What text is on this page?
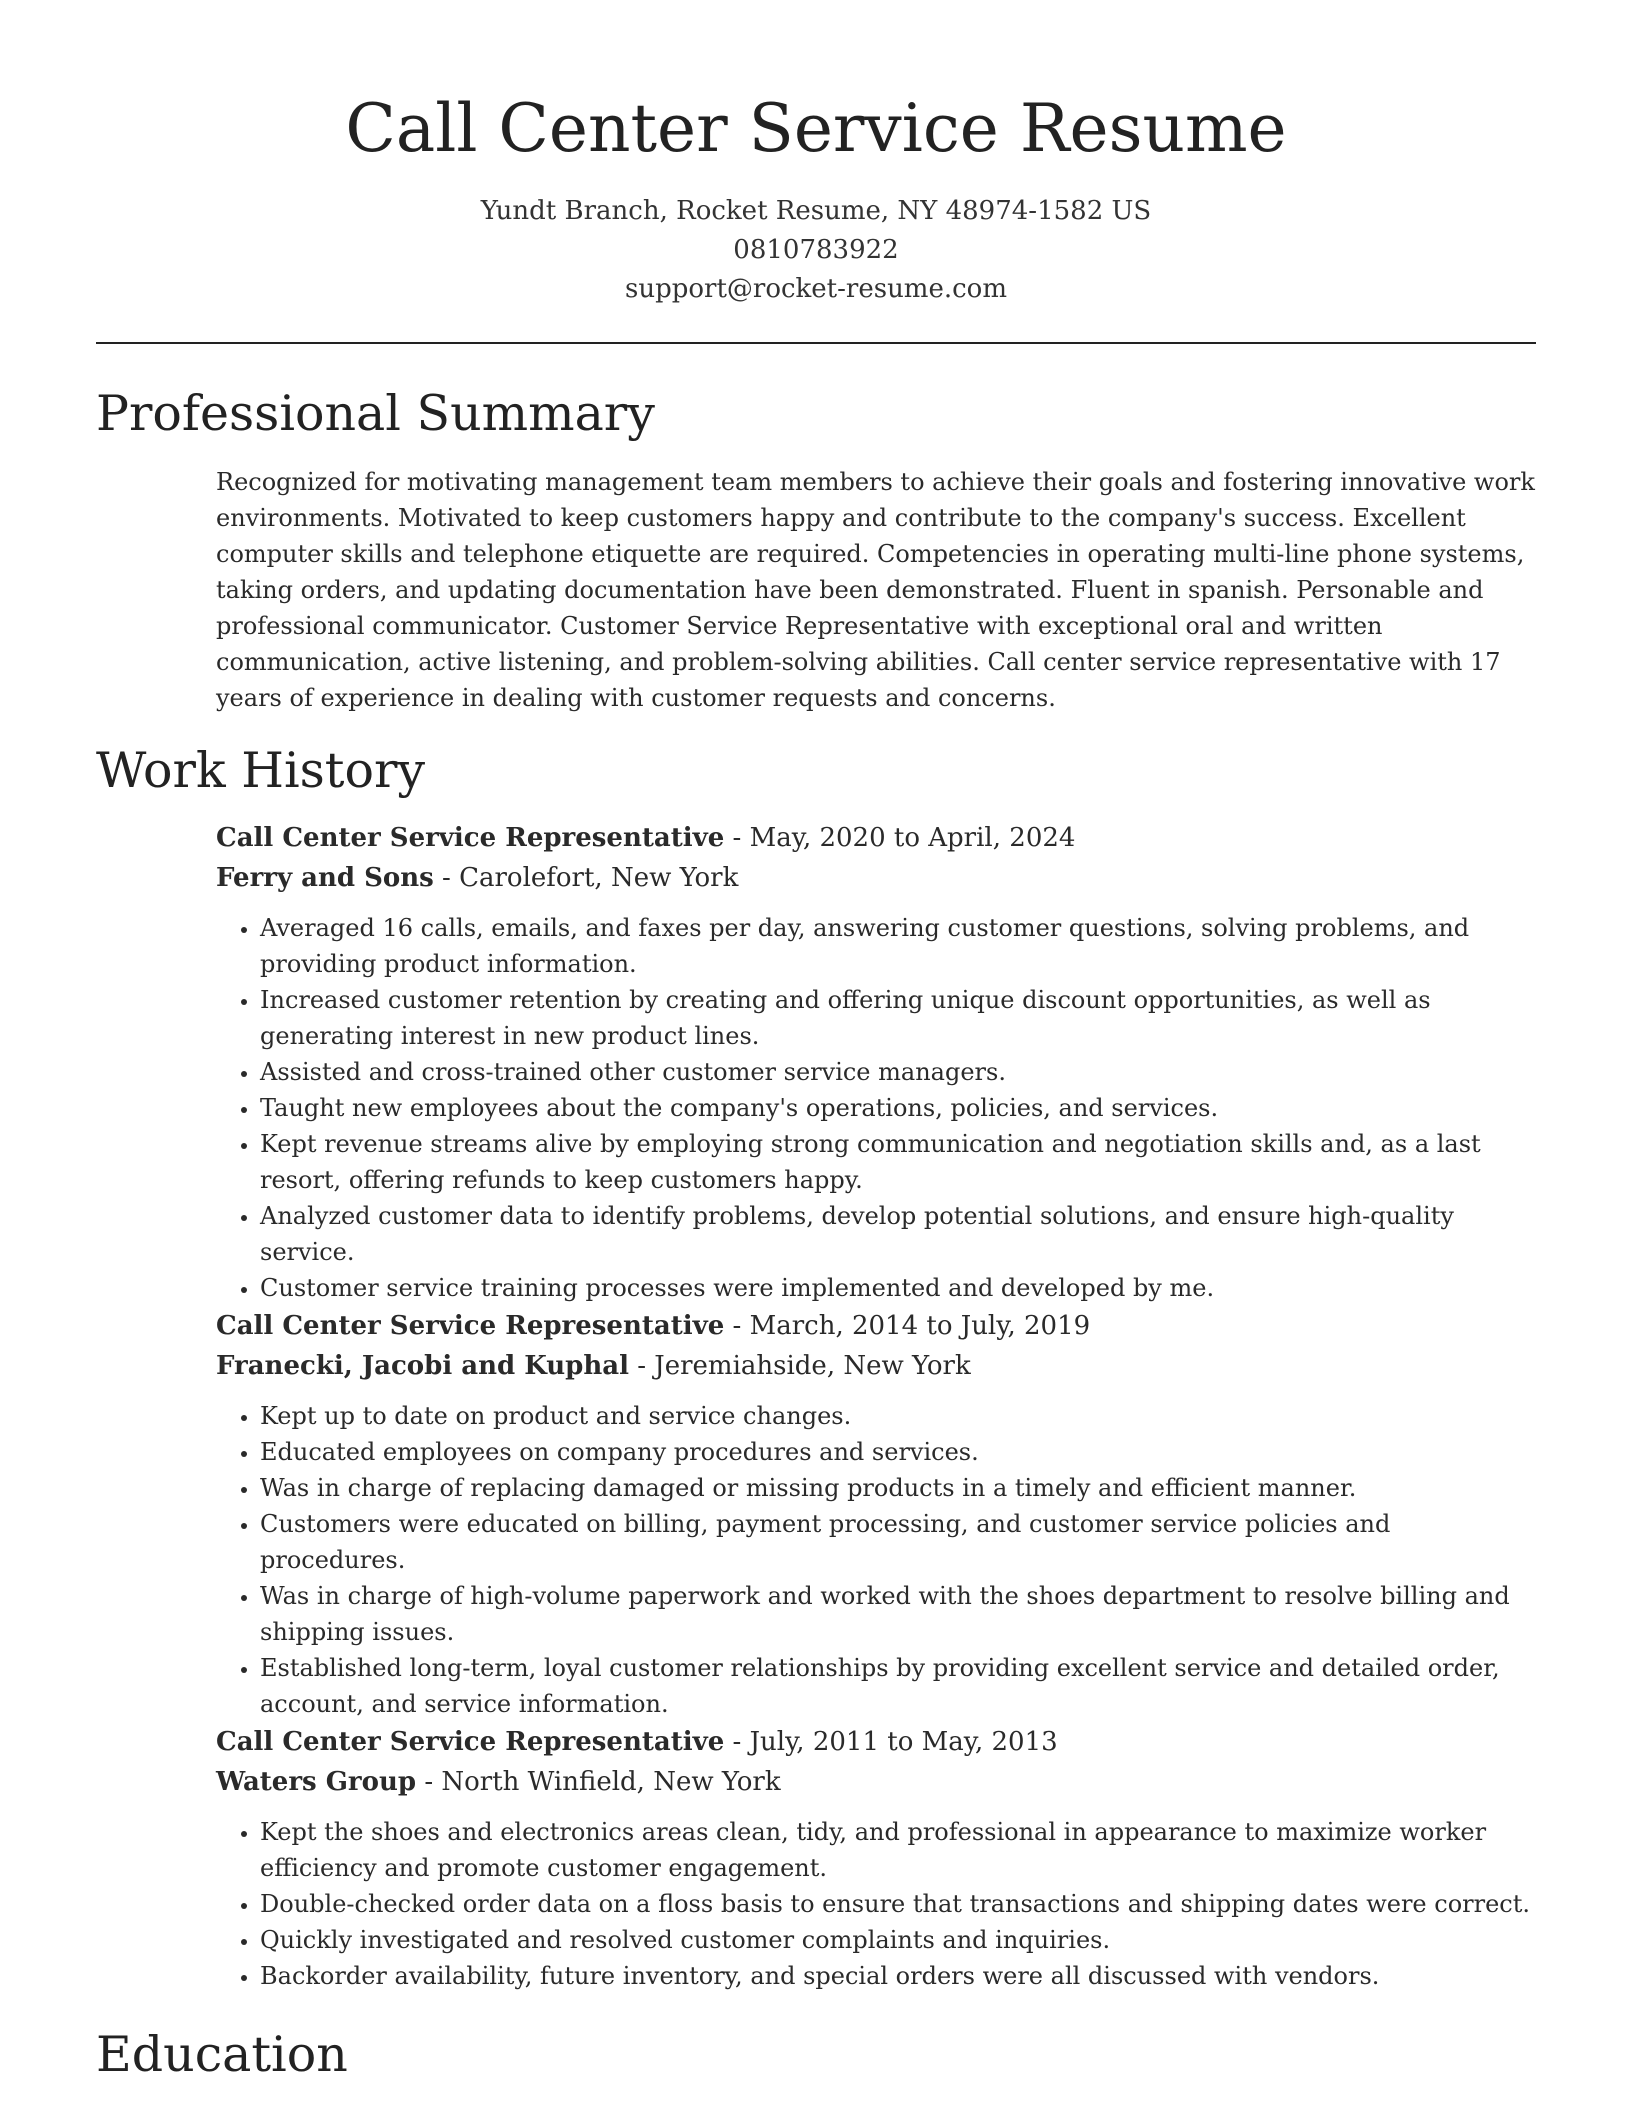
Call Center Service Resume
Yundt Branch, Rocket Resume, NY 48974-1582 US
0810783922
support@rocket-resume.com
Professional Summary

Recognized for motivating management team members to achieve their goals and fostering innovative work environments. Motivated to keep customers happy and contribute to the company's success. Excellent computer skills and telephone etiquette are required. Competencies in operating multi-line phone systems, taking orders, and updating documentation have been demonstrated. Fluent in spanish. Personable and professional communicator. Customer Service Representative with exceptional oral and written communication, active listening, and problem-solving abilities. Call center service representative with 17 years of experience in dealing with customer requests and concerns.

Work History
Call Center Service Representative - May, 2020 to April, 2024
Ferry and Sons - Carolefort, New York
• Averaged 16 calls, emails, and faxes per day, answering customer questions, solving problems, and providing product information.
• Increased customer retention by creating and offering unique discount opportunities, as well as generating interest in new product lines.
• Assisted and cross-trained other customer service managers.
• Taught new employees about the company's operations, policies, and services.
• Kept revenue streams alive by employing strong communication and negotiation skills and, as a last resort, offering refunds to keep customers happy.
• Analyzed customer data to identify problems, develop potential solutions, and ensure high-quality service.
• Customer service training processes were implemented and developed by me.
Call Center Service Representative - March, 2014 to July, 2019
Franecki, Jacobi and Kuphal - Jeremiahside, New York
• Kept up to date on product and service changes.
• Educated employees on company procedures and services.
• Was in charge of replacing damaged or missing products in a timely and efficient manner.
• Customers were educated on billing, payment processing, and customer service policies and procedures.
• Was in charge of high-volume paperwork and worked with the shoes department to resolve billing and shipping issues.
• Established long-term, loyal customer relationships by providing excellent service and detailed order, account, and service information.
Call Center Service Representative - July, 2011 to May, 2013
Waters Group - North Winfield, New York
• Kept the shoes and electronics areas clean, tidy, and professional in appearance to maximize worker efficiency and promote customer engagement.
• Double-checked order data on a floss basis to ensure that transactions and shipping dates were correct.
• Quickly investigated and resolved customer complaints and inquiries.
• Backorder availability, future inventory, and special orders were all discussed with vendors.
Education
